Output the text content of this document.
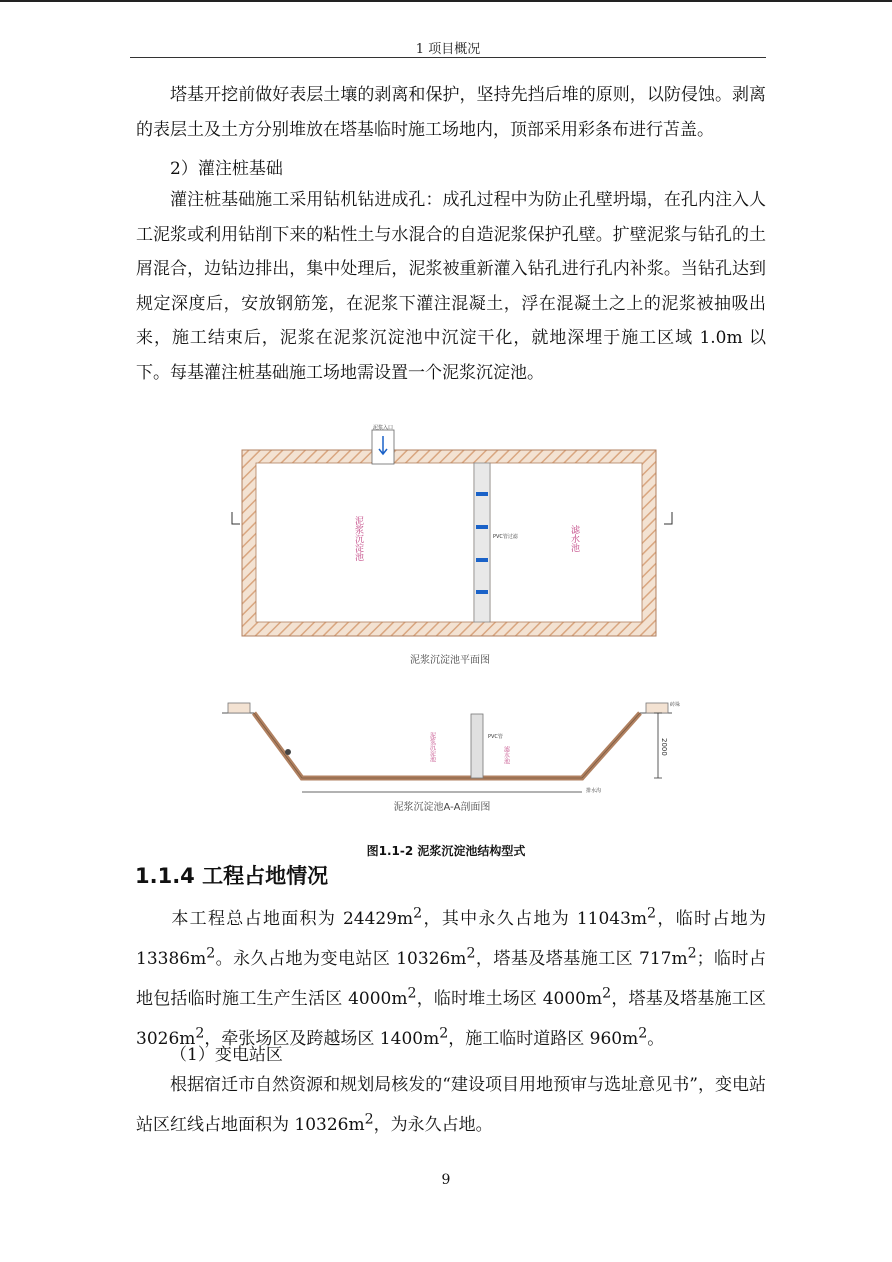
1 项目概况

塔基开挖前做好表层土壤的剥离和保护，坚持先挡后堆的原则，以防侵蚀。剥离的表层土及土方分别堆放在塔基临时施工场地内，顶部采用彩条布进行苫盖。

2）灌注桩基础

灌注桩基础施工采用钻机钻进成孔：成孔过程中为防止孔壁坍塌，在孔内注入人工泥浆或利用钻削下来的粘性土与水混合的自造泥浆保护孔壁。扩壁泥浆与钻孔的土屑混合，边钻边排出，集中处理后，泥浆被重新灌入钻孔进行孔内补浆。当钻孔达到规定深度后，安放钢筋笼，在泥浆下灌注混凝土，浮在混凝土之上的泥浆被抽吸出来，施工结束后，泥浆在泥浆沉淀池中沉淀干化，就地深埋于施工区域 1.0m 以下。每基灌注桩基础施工场地需设置一个泥浆沉淀池。

泥浆入口
泥浆沉淀池	滤水池
PVC管过滤
泥浆沉淀池平面图
砖垛
PVC管
泥浆沉淀池	滤水池	2000
排水沟
泥浆沉淀池A-A剖面图
图1.1-2 泥浆沉淀池结构型式
1.1.4 工程占地情况

本工程总占地面积为 $24429m^2$，其中永久占地为 $11043m^2$，临时占地为 $13386m^2$。永久占地为变电站区 $10326m^2$，塔基及塔基施工区 $717m^2$；临时占地包括临时施工生产生活区 $4000m^2$，临时堆土场区 $4000m^2$，塔基及塔基施工区 $3026m^2$，牵张场区及跨越场区 $1400m^2$，施工临时道路区 $960m^2$。

（1）变电站区

根据宿迁市自然资源和规划局核发的“建设项目用地预审与选址意见书”，变电站站区红线占地面积为 $10326m^2$，为永久占地。

9
